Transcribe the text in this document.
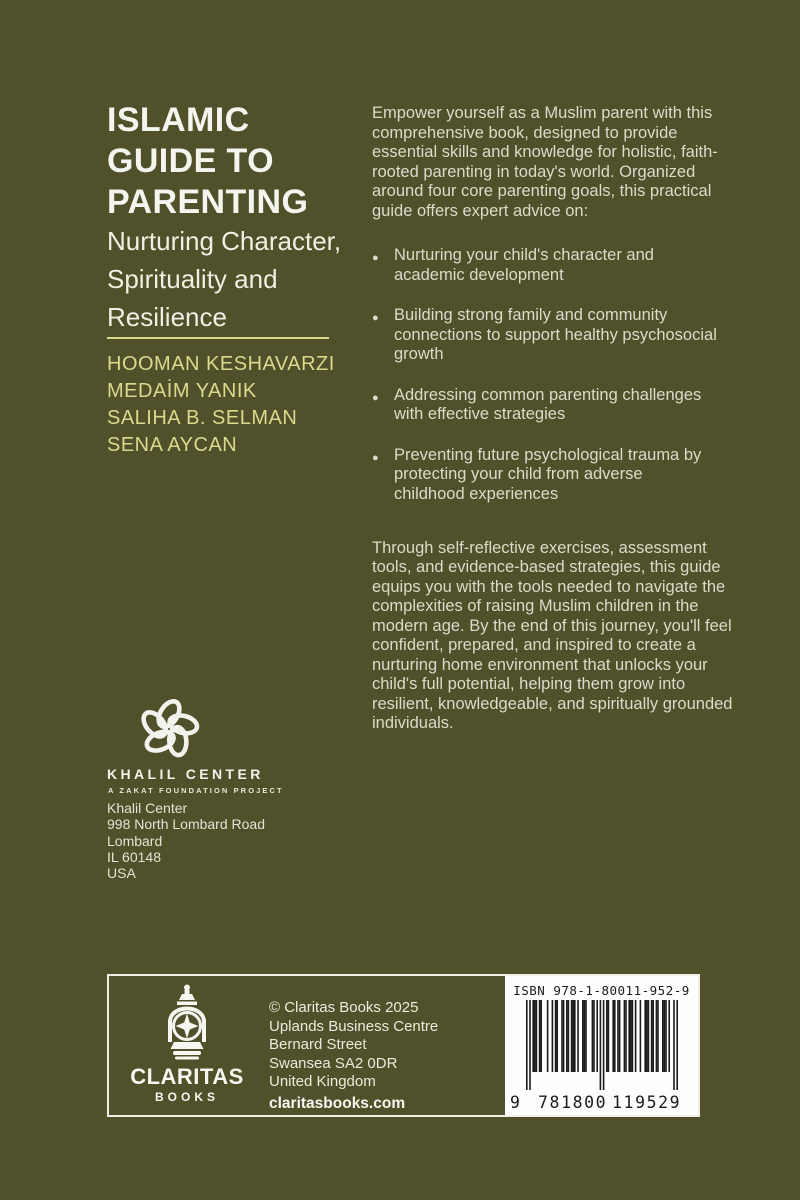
ISLAMIC
GUIDE TO
PARENTING
Nurturing Character,
Spirituality and
Resilience
HOOMAN KESHAVARZI
MEDAİM YANIK
SALIHA B. SELMAN
SENA AYCAN

Empower yourself as a Muslim parent with this comprehensive book, designed to provide essential skills and knowledge for holistic, faith-rooted parenting in today's world. Organized around four core parenting goals, this practical guide offers expert advice on:

● Nurturing your child's character and academic development
● Building strong family and community connections to support healthy psychosocial growth
● Addressing common parenting challenges with effective strategies
● Preventing future psychological trauma by protecting your child from adverse childhood experiences

Through self-reflective exercises, assessment tools, and evidence-based strategies, this guide equips you with the tools needed to navigate the complexities of raising Muslim children in the modern age. By the end of this journey, you'll feel confident, prepared, and inspired to create a nurturing home environment that unlocks your child's full potential, helping them grow into resilient, knowledgeable, and spiritually grounded individuals.

KHALIL CENTER
A ZAKAT FOUNDATION PROJECT
Khalil Center
998 North Lombard Road
Lombard
IL 60148
USA
CLARITAS
BOOKS
© Claritas Books 2025
Uplands Business Centre
Bernard Street
Swansea SA2 0DR
United Kingdom
claritasbooks.com
ISBN 978-1-80011-952-9
9 781800 119529
